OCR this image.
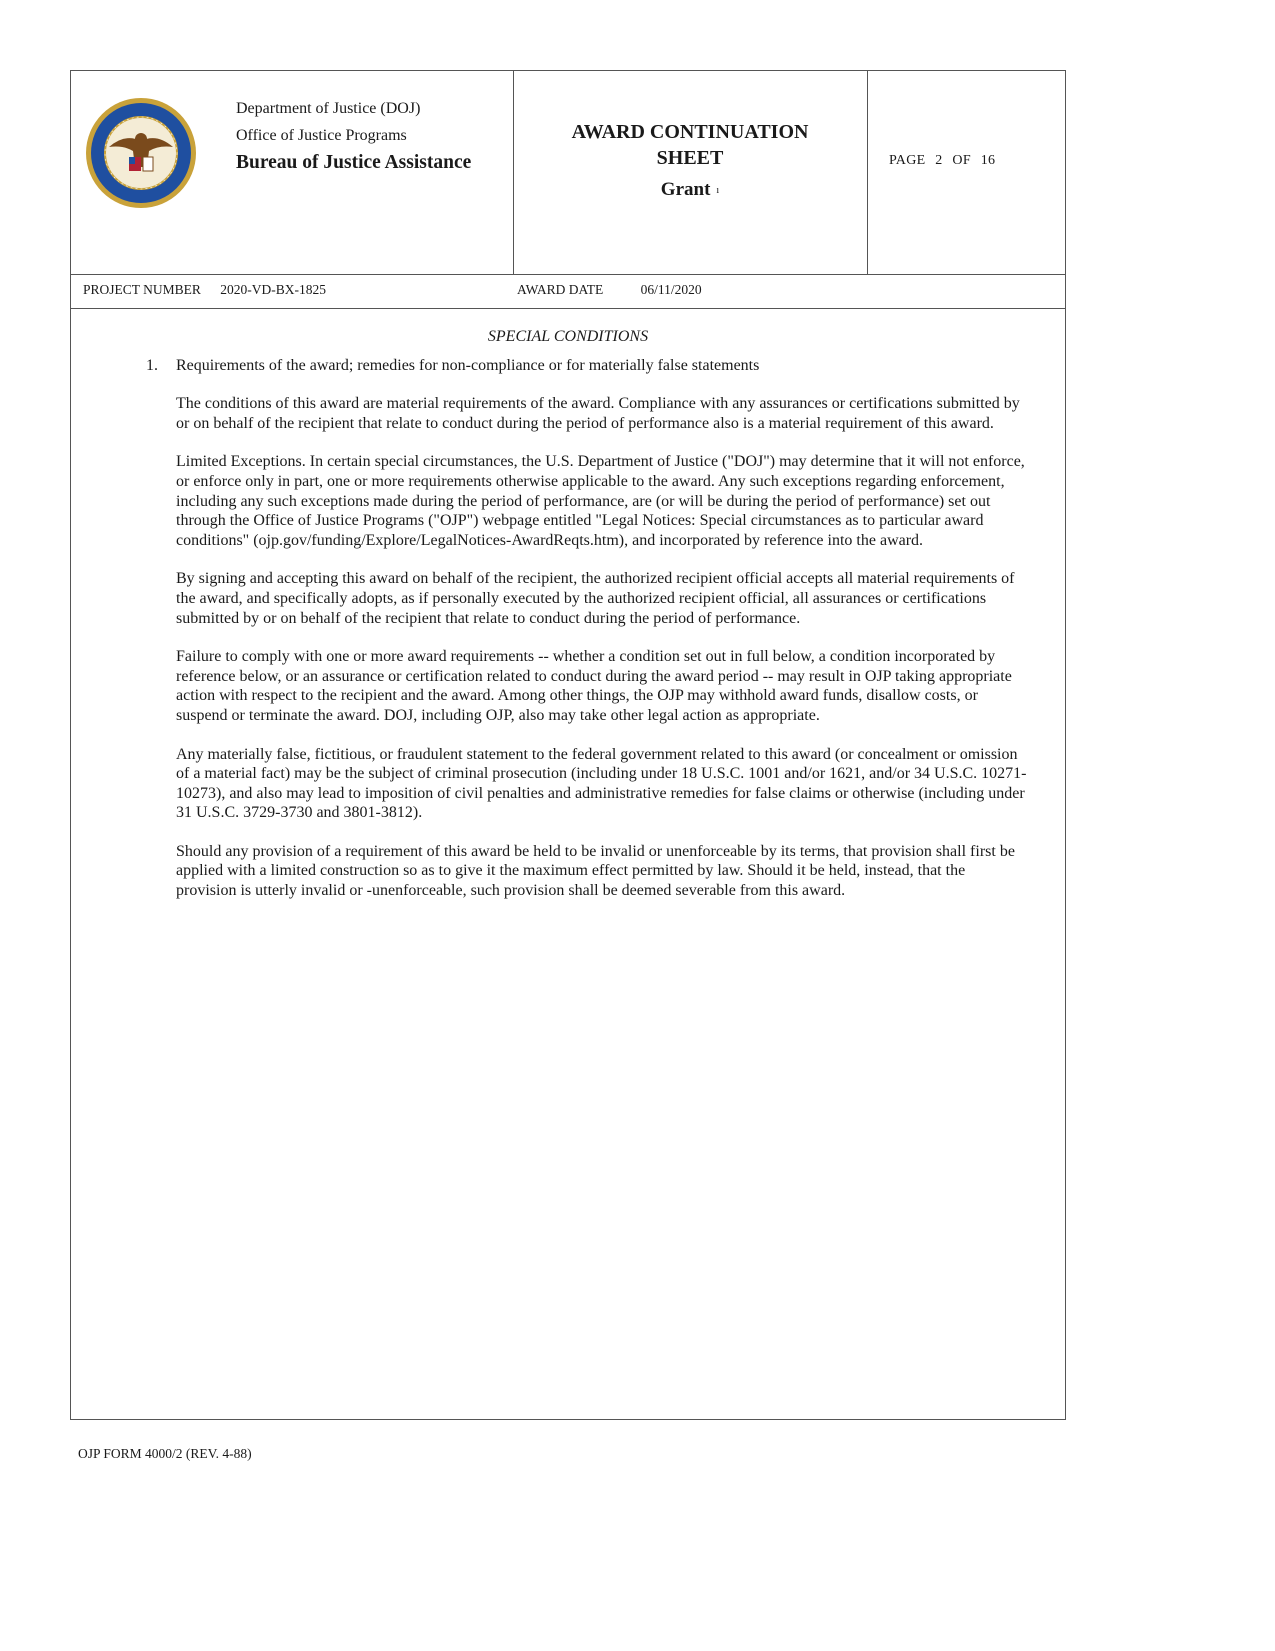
Department of Justice (DOJ)
Office of Justice Programs
Bureau of Justice Assistance
AWARD CONTINUATION
SHEET
Grant ı
PAGE 2 OF 16
PROJECT NUMBER 2020-VD-BX-1825	AWARD DATE	06/11/2020
SPECIAL CONDITIONS
1. Requirements of the award; remedies for non-compliance or for materially false statements

The conditions of this award are material requirements of the award. Compliance with any assurances or certifications submitted by or on behalf of the recipient that relate to conduct during the period of performance also is a material requirement of this award.

Limited Exceptions. In certain special circumstances, the U.S. Department of Justice ("DOJ") may determine that it will not enforce, or enforce only in part, one or more requirements otherwise applicable to the award. Any such exceptions regarding enforcement, including any such exceptions made during the period of performance, are (or will be during the period of performance) set out through the Office of Justice Programs ("OJP") webpage entitled "Legal Notices: Special circumstances as to particular award conditions" (ojp.gov/funding/Explore/LegalNotices-AwardReqts.htm), and incorporated by reference into the award.

By signing and accepting this award on behalf of the recipient, the authorized recipient official accepts all material requirements of the award, and specifically adopts, as if personally executed by the authorized recipient official, all assurances or certifications submitted by or on behalf of the recipient that relate to conduct during the period of performance.

Failure to comply with one or more award requirements -- whether a condition set out in full below, a condition incorporated by reference below, or an assurance or certification related to conduct during the award period -- may result in OJP taking appropriate action with respect to the recipient and the award. Among other things, the OJP may withhold award funds, disallow costs, or suspend or terminate the award. DOJ, including OJP, also may take other legal action as appropriate.

Any materially false, fictitious, or fraudulent statement to the federal government related to this award (or concealment or omission of a material fact) may be the subject of criminal prosecution (including under 18 U.S.C. 1001 and/or 1621, and/or 34 U.S.C. 10271-10273), and also may lead to imposition of civil penalties and administrative remedies for false claims or otherwise (including under 31 U.S.C. 3729-3730 and 3801-3812).

Should any provision of a requirement of this award be held to be invalid or unenforceable by its terms, that provision shall first be applied with a limited construction so as to give it the maximum effect permitted by law. Should it be held, instead, that the provision is utterly invalid or -unenforceable, such provision shall be deemed severable from this award.

OJP FORM 4000/2 (REV. 4-88)
